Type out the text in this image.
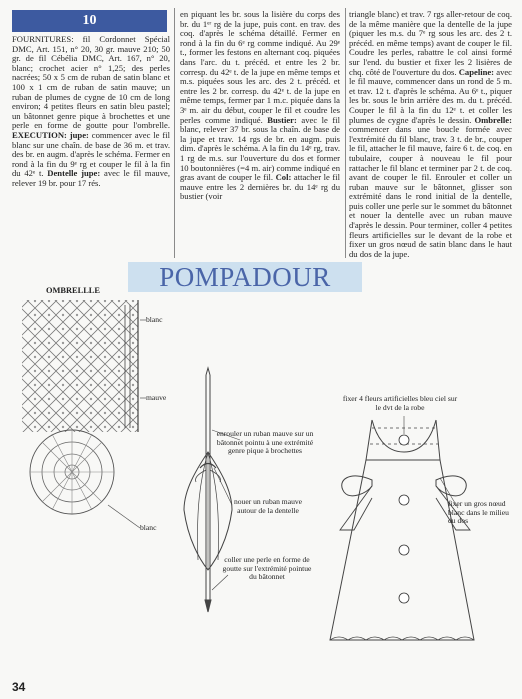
10
FOURNITURES: fil Cordonnet Spécial DMC, Art. 151, n° 20, 30 gr. mauve 210; 50 gr. de fil Cébélia DMC, Art. 167, n° 20, blanc; crochet acier n° 1,25; des perles nacrées; 50 x 5 cm de ruban de satin blanc et 100 x 1 cm de ruban de satin mauve; un ruban de plumes de cygne de 10 cm de long environ; 4 petites fleurs en satin bleu pastel; un bâtonnet genre pique à brochettes et une perle en forme de goutte pour l'ombrelle. EXECUTION: jupe: commencer avec le fil blanc sur une chaîn. de base de 36 m. et trav. des br. en augm. d'après le schéma. Fermer en rond à la fin du 9ᵉ rg et couper le fil à la fin du 42ᵉ t. Dentelle jupe: avec le fil mauve, relever 19 br. pour 17 rés.
en piquant les br. sous la lisière du corps des br. du 1ᵉʳ rg de la jupe, puis cont. en trav. des coq. d'après le schéma détaillé. Fermer en rond à la fin du 6ᵉ rg comme indiqué. Au 29ᵉ t., former les festons en alternant coq. piquées dans l'arc. du t. précéd. et entre les 2 br. corresp. du 42ᵉ t. de la jupe en même temps et m.s. piquées sous les arc. des 2 t. précéd. et entre les 2 br. corresp. du 42ᵉ t. de la jupe en même temps, fermer par 1 m.c. piquée dans la 3ᵉ m. air du début, couper le fil et coudre les perles comme indiqué. Bustier: avec le fil blanc, relever 37 br. sous la chaîn. de base de la jupe et trav. 14 rgs de br. en augm. puis dim. d'après le schéma. A la fin du 14ᵉ rg, trav. 1 rg de m.s. sur l'ouverture du dos et former 10 boutonnières (=4 m. air) comme indiqué en gras avant de couper le fil. Col: attacher le fil mauve entre les 2 dernières br. du 14ᵉ rg du bustier (voir
triangle blanc) et trav. 7 rgs aller-retour de coq. de la même manière que la dentelle de la jupe (piquer les m.s. du 7ᵉ rg sous les arc. des 2 t. précéd. en même temps) avant de couper le fil. Coudre les perles, rabattre le col ainsi formé sur l'end. du bustier et fixer les 2 lisières de chq. côté de l'ouverture du dos. Capeline: avec le fil mauve, commencer dans un rond de 5 m. et trav. 12 t. d'après le schéma. Au 6ᵉ t., piquer les br. sous le brin arrière des m. du t. précéd. Couper le fil à la fin du 12ᵉ t. et coller les plumes de cygne d'après le dessin. Ombrelle: commencer dans une boucle formée avec l'extrémité du fil blanc, trav. 3 t. de br., couper le fil, attacher le fil mauve, faire 6 t. de coq. en tubulaire, couper à nouveau le fil pour rattacher le fil blanc et terminer par 2 t. de coq. avant de couper le fil. Enrouler et coller un ruban mauve sur le bâtonnet, glisser son extrémité dans le rond initial de la dentelle, puis coller une perle sur le sommet du bâtonnet et nouer la dentelle avec un ruban mauve d'après le dessin. Pour terminer, coller 4 petites fleurs artificielles sur le devant de la robe et fixer un gros nœud de satin blanc dans le haut du dos de la jupe.
POMPADOUR
OMBRELLLE
blanc
mauve
blanc
enrouler un ruban mauve sur un bâtonnet pointu à une extrémité genre pique à brochettes
nouer un ruban mauve autour de la dentelle
coller une perle en forme de goutte sur l'extrémité pointue du bâtonnet
fixer 4 fleurs artificielles bleu ciel sur le dvt de la robe
fixer un gros nœud blanc dans le milieu du dos
34
